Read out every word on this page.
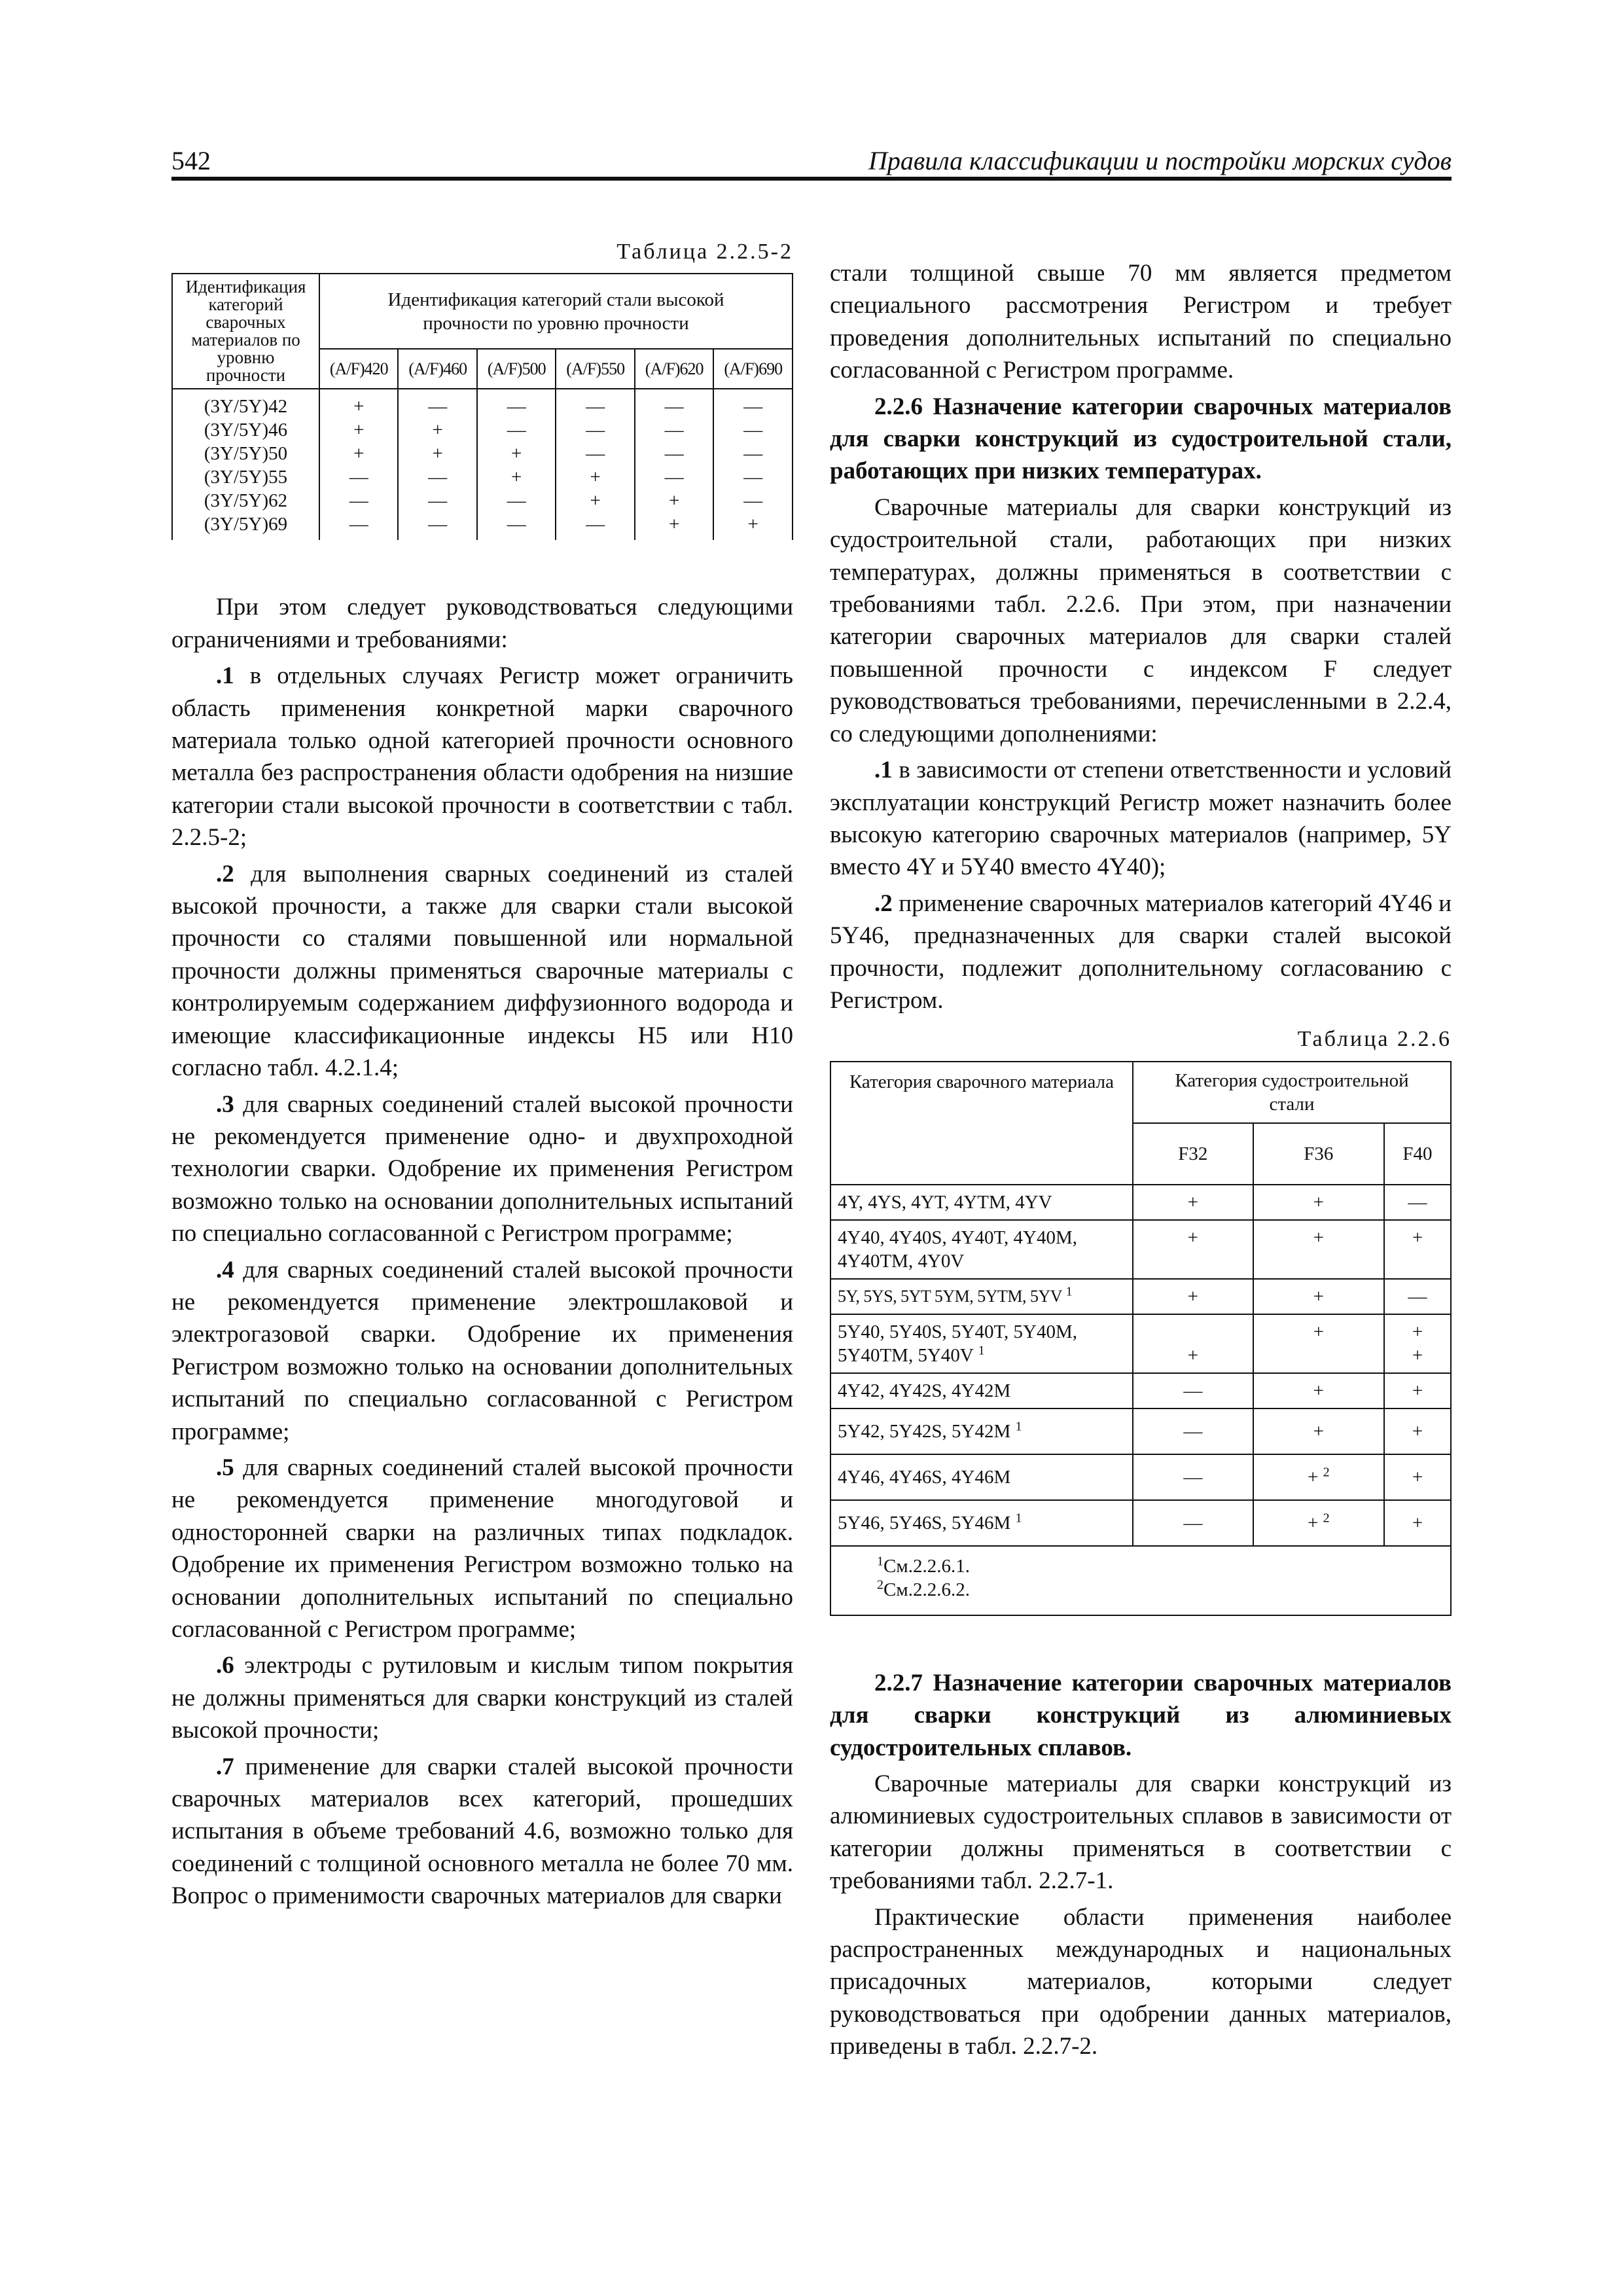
542	Правила классификации и постройки морских судов
Таблица 2.2.5-2
Идентификация категорий сварочных материалов по уровню прочности	Идентификация категорий стали высокой прочности по уровню прочности					
	(A/F)420	(A/F)460	(A/F)500	(A/F)550	(A/F)620	(A/F)690
(3Y/5Y)42	+	—	—	—	—	—
(3Y/5Y)46	+	+	—	—	—	—
(3Y/5Y)50	+	+	+	—	—	—
(3Y/5Y)55	—	—	+	+	—	—
(3Y/5Y)62	—	—	—	+	+	—
(3Y/5Y)69	—	—	—	—	+	+

При этом следует руководствоваться следующими ограничениями и требованиями:

.1 в отдельных случаях Регистр может ограничить область применения конкретной марки сварочного материала только одной категорией прочности основного металла без распространения области одобрения на низшие категории стали высокой прочности в соответствии с табл. 2.2.5-2;

.2 для выполнения сварных соединений из сталей высокой прочности, а также для сварки стали высокой прочности со сталями повышенной или нормальной прочности должны применяться сварочные материалы с контролируемым содержанием диффузионного водорода и имеющие классификационные индексы H5 или H10 согласно табл. 4.2.1.4;

.3 для сварных соединений сталей высокой прочности не рекомендуется применение одно- и двухпроходной технологии сварки. Одобрение их применения Регистром возможно только на основании дополнительных испытаний по специально согласованной с Регистром программе;

.4 для сварных соединений сталей высокой прочности не рекомендуется применение электрошлаковой и электрогазовой сварки. Одобрение их применения Регистром возможно только на основании дополнительных испытаний по специально согласованной с Регистром программе;

.5 для сварных соединений сталей высокой прочности не рекомендуется применение многодуговой и односторонней сварки на различных типах подкладок. Одобрение их применения Регистром возможно только на основании дополнительных испытаний по специально согласованной с Регистром программе;

.6 электроды с рутиловым и кислым типом покрытия не должны применяться для сварки конструкций из сталей высокой прочности;

.7 применение для сварки сталей высокой прочности сварочных материалов всех категорий, прошедших испытания в объеме требований 4.6, возможно только для соединений с толщиной основного металла не более 70 мм. Вопрос о применимости сварочных материалов для сварки

стали толщиной свыше 70 мм является предметом специального рассмотрения Регистром и требует проведения дополнительных испытаний по специально согласованной с Регистром программе.

2.2.6 Назначение категории сварочных материалов для сварки конструкций из судостроительной стали, работающих при низких температурах.

Сварочные материалы для сварки конструкций из судостроительной стали, работающих при низких температурах, должны применяться в соответствии с требованиями табл. 2.2.6. При этом, при назначении категории сварочных материалов для сварки сталей повышенной прочности с индексом F следует руководствоваться требованиями, перечисленными в 2.2.4, со следующими дополнениями:

.1 в зависимости от степени ответственности и условий эксплуатации конструкций Регистр может назначить более высокую категорию сварочных материалов (например, 5Y вместо 4Y и 5Y40 вместо 4Y40);

.2 применение сварочных материалов категорий 4Y46 и 5Y46, предназначенных для сварки сталей высокой прочности, подлежит дополнительному согласованию с Регистром.

Таблица 2.2.6
Категория сварочного материала	Категория судостроительной стали		
	F32	F36	F40
4Y, 4YS, 4YT, 4YTM, 4YV	+	+	—
4Y40, 4Y40S, 4Y40T, 4Y40M, 4Y40TM, 4Y0V	+	+	+
5Y, 5YS, 5YT 5YM, 5YTM, 5YV $^1$	+	+	—
5Y40, 5Y40S, 5Y40T, 5Y40M, 5Y40TM, 5Y40V $^1$	+	+	+ +
4Y42, 4Y42S, 4Y42M	—	+	+
5Y42, 5Y42S, 5Y42M $^1$	—	+	+
4Y46, 4Y46S, 4Y46M	—	+ $^2$	+
5Y46, 5Y46S, 5Y46M $^1$	—	+ $^2$	+

$^1$См.2.2.6.1.
$^2$См.2.2.6.2.			

2.2.7 Назначение категории сварочных материалов для сварки конструкций из алюминиевых судостроительных сплавов.

Сварочные материалы для сварки конструкций из алюминиевых судостроительных сплавов в зависимости от категории должны применяться в соответствии с требованиями табл. 2.2.7-1.

Практические области применения наиболее распространенных международных и национальных присадочных материалов, которыми следует руководствоваться при одобрении данных материалов, приведены в табл. 2.2.7-2.
